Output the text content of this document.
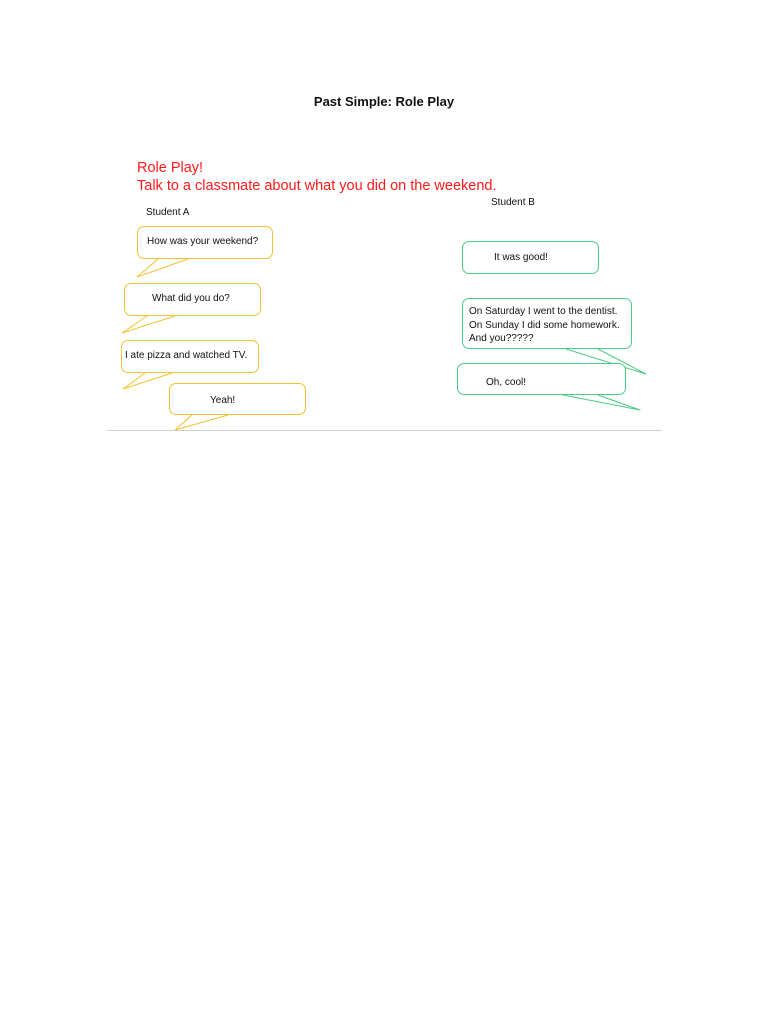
Past Simple: Role Play
Role Play!
Talk to a classmate about what you did on the weekend.
Student A
Student B
How was your weekend?
What did you do?
I ate pizza and watched TV.
Yeah!
It was good!
On Saturday I went to the dentist.
On Sunday I did some homework.
And you?????
Oh, cool!
